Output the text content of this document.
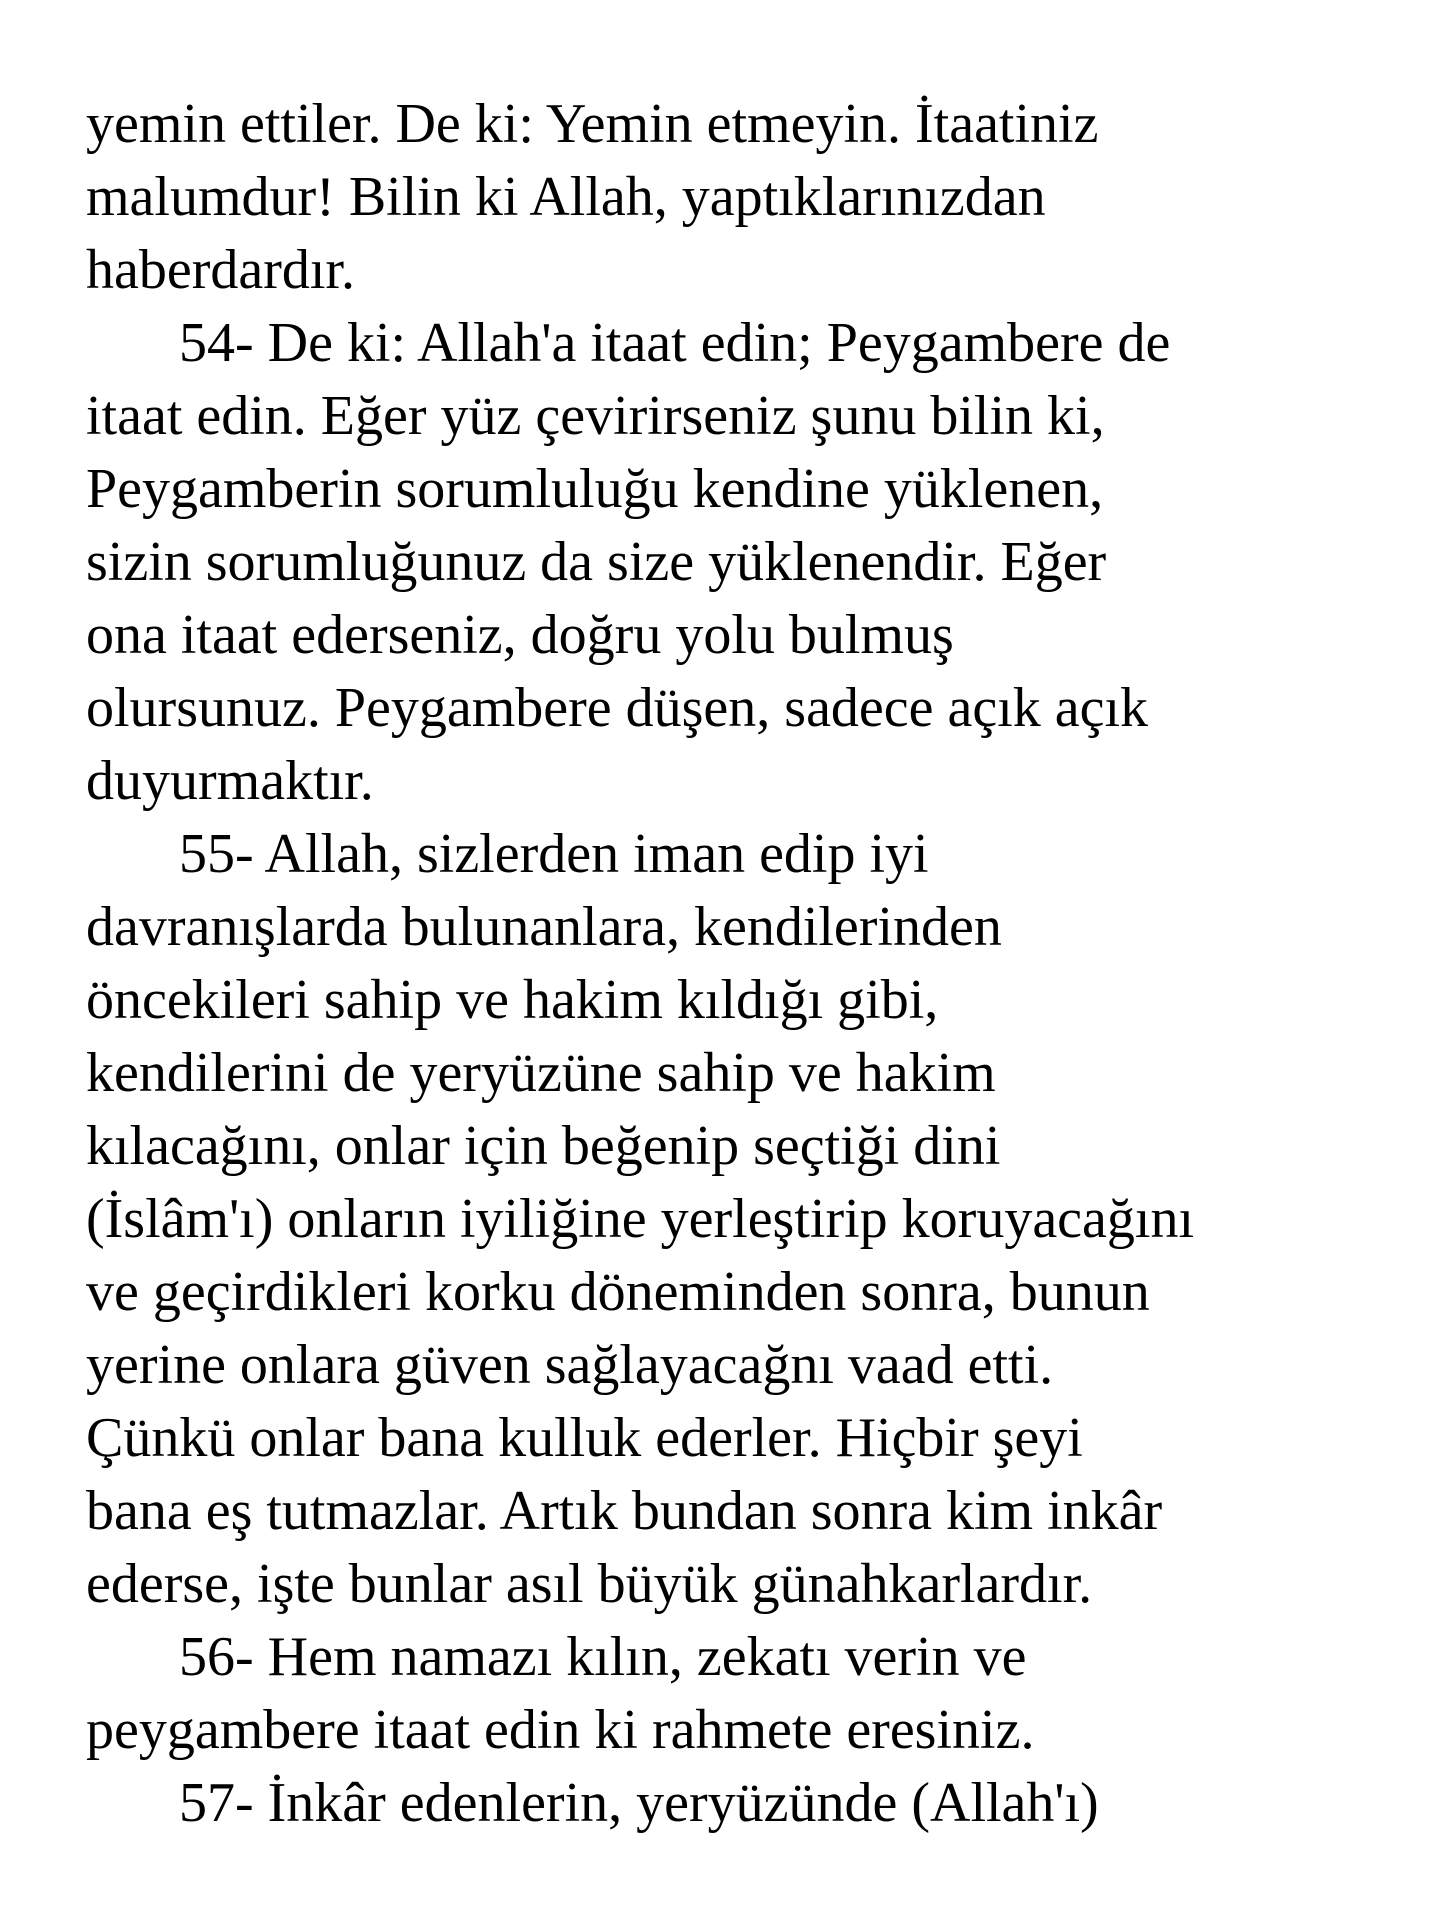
yemin ettiler. De ki: Yemin etmeyin. İtaatiniz
malumdur! Bilin ki Allah, yaptıklarınızdan
haberdardır.
54- De ki: Allah'a itaat edin; Peygambere de
itaat edin. Eğer yüz çevirirseniz şunu bilin ki,
Peygamberin sorumluluğu kendine yüklenen,
sizin sorumluğunuz da size yüklenendir. Eğer
ona itaat ederseniz, doğru yolu bulmuş
olursunuz. Peygambere düşen, sadece açık açık
duyurmaktır.
55- Allah, sizlerden iman edip iyi
davranışlarda bulunanlara, kendilerinden
öncekileri sahip ve hakim kıldığı gibi,
kendilerini de yeryüzüne sahip ve hakim
kılacağını, onlar için beğenip seçtiği dini
(İslâm'ı) onların iyiliğine yerleştirip koruyacağını
ve geçirdikleri korku döneminden sonra, bunun
yerine onlara güven sağlayacağnı vaad etti.
Çünkü onlar bana kulluk ederler. Hiçbir şeyi
bana eş tutmazlar. Artık bundan sonra kim inkâr
ederse, işte bunlar asıl büyük günahkarlardır.
56- Hem namazı kılın, zekatı verin ve
peygambere itaat edin ki rahmete eresiniz.
57- İnkâr edenlerin, yeryüzünde (Allah'ı)
